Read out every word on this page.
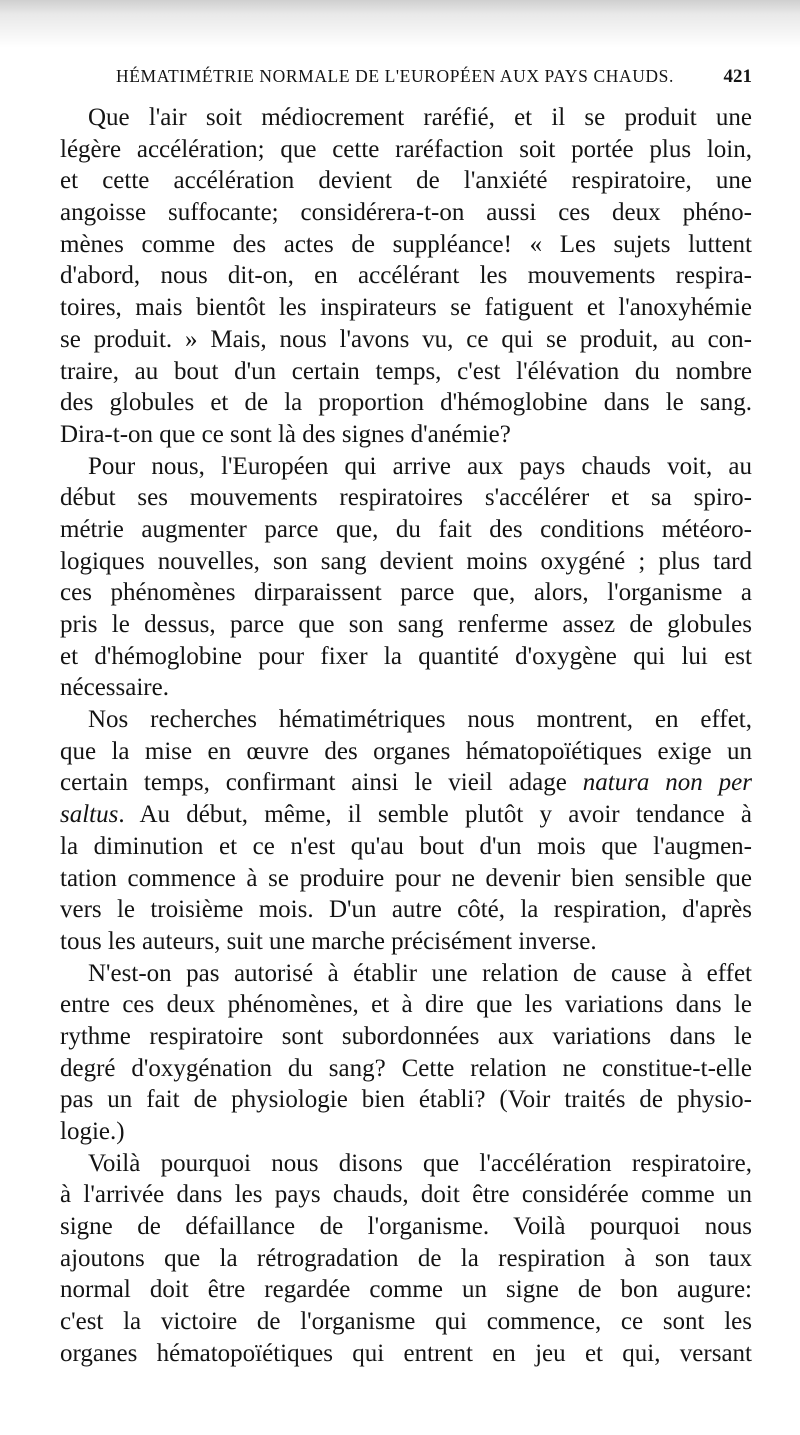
HÉMATIMÉTRIE NORMALE DE L'EUROPÉEN AUX PAYS CHAUDS.	421
Que l'air soit médiocrement raréfié, et il se produit une
légère accélération; que cette raréfaction soit portée plus loin,
et cette accélération devient de l'anxiété respiratoire, une
angoisse suffocante; considérera-t-on aussi ces deux phéno-
mènes comme des actes de suppléance! « Les sujets luttent
d'abord, nous dit-on, en accélérant les mouvements respira-
toires, mais bientôt les inspirateurs se fatiguent et l'anoxyhémie
se produit. » Mais, nous l'avons vu, ce qui se produit, au con-
traire, au bout d'un certain temps, c'est l'élévation du nombre
des globules et de la proportion d'hémoglobine dans le sang.
Dira-t-on que ce sont là des signes d'anémie?
Pour nous, l'Européen qui arrive aux pays chauds voit, au
début ses mouvements respiratoires s'accélérer et sa spiro-
métrie augmenter parce que, du fait des conditions météoro-
logiques nouvelles, son sang devient moins oxygéné ; plus tard
ces phénomènes dirparaissent parce que, alors, l'organisme a
pris le dessus, parce que son sang renferme assez de globules
et d'hémoglobine pour fixer la quantité d'oxygène qui lui est
nécessaire.
Nos recherches hématimétriques nous montrent, en effet,
que la mise en œuvre des organes hématopoïétiques exige un
certain temps, confirmant ainsi le vieil adage natura non per
saltus. Au début, même, il semble plutôt y avoir tendance à
la diminution et ce n'est qu'au bout d'un mois que l'augmen-
tation commence à se produire pour ne devenir bien sensible que
vers le troisième mois. D'un autre côté, la respiration, d'après
tous les auteurs, suit une marche précisément inverse.
N'est-on pas autorisé à établir une relation de cause à effet
entre ces deux phénomènes, et à dire que les variations dans le
rythme respiratoire sont subordonnées aux variations dans le
degré d'oxygénation du sang? Cette relation ne constitue-t-elle
pas un fait de physiologie bien établi? (Voir traités de physio-
logie.)
Voilà pourquoi nous disons que l'accélération respiratoire,
à l'arrivée dans les pays chauds, doit être considérée comme un
signe de défaillance de l'organisme. Voilà pourquoi nous
ajoutons que la rétrogradation de la respiration à son taux
normal doit être regardée comme un signe de bon augure:
c'est la victoire de l'organisme qui commence, ce sont les
organes hématopoïétiques qui entrent en jeu et qui, versant
